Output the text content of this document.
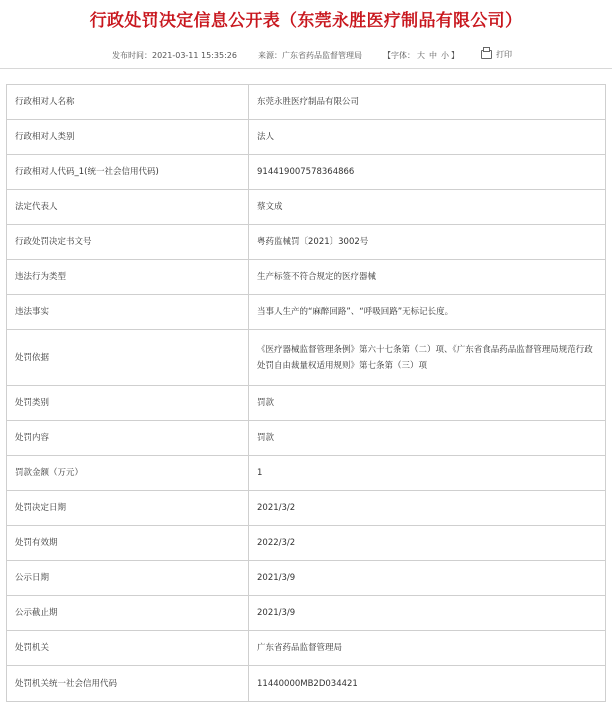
行政处罚决定信息公开表（东莞永胜医疗制品有限公司）
发布时间：2021-03-11 15:35:26	来源：广东省药品监督管理局	【字体： 大 中 小 】	打印
行政相对人名称	东莞永胜医疗制品有限公司
行政相对人类别	法人
行政相对人代码_1(统一社会信用代码)	914419007578364866
法定代表人	蔡文成
行政处罚决定书文号	粤药监械罚〔2021〕3002号
违法行为类型	生产标签不符合规定的医疗器械
违法事实	当事人生产的“麻醉回路”、“呼吸回路”无标记长度。
处罚依据	《医疗器械监督管理条例》第六十七条第（二）项、《广东省食品药品监督管理局规范行政处罚自由裁量权适用规则》第七条第（三）项
处罚类别	罚款
处罚内容	罚款
罚款金额（万元）	1
处罚决定日期	2021/3/2
处罚有效期	2022/3/2
公示日期	2021/3/9
公示截止期	2021/3/9
处罚机关	广东省药品监督管理局
处罚机关统一社会信用代码	11440000MB2D034421
